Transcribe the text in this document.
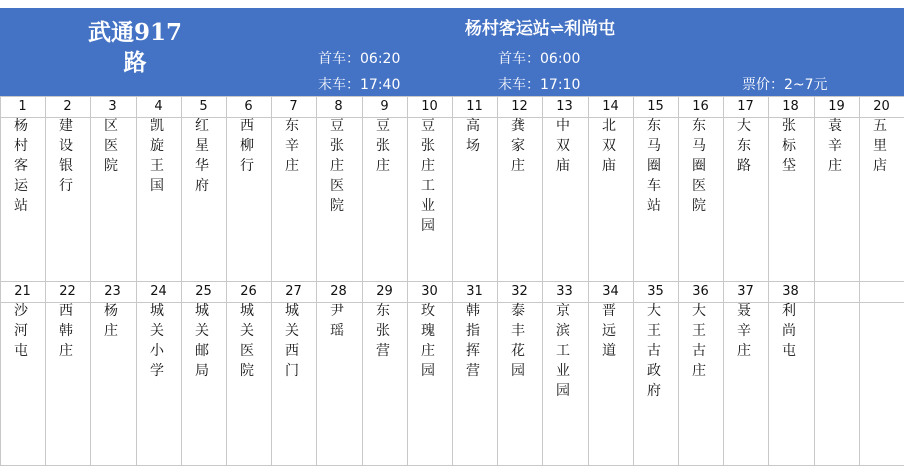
武通917
路
杨村客运站⇌利尚屯
首车：06:20
末车：17:40
首车：06:00
末车：17:10	票价：2~7元
1
杨村客运站
2
建设银行
3
区医院
4
凯旋王国
5
红星华府
6
西柳行
7
东辛庄
8
豆张庄医院
9
豆张庄
10
豆张庄工业园
11
高场
12
龚家庄
13
中双庙
14
北双庙
15
东马圈车站
16
东马圈医院
17
大东路
18
张标垈
19
袁辛庄
20
五里店
21
沙河屯
22
西韩庄
23
杨庄
24
城关小学
25
城关邮局
26
城关医院
27
城关西门
28
尹瑶
29
东张营
30
玫瑰庄园
31
韩指挥营
32
泰丰花园
33
京滨工业园
34
晋远道
35
大王古政府
36
大王古庄
37
聂辛庄
38
利尚屯
